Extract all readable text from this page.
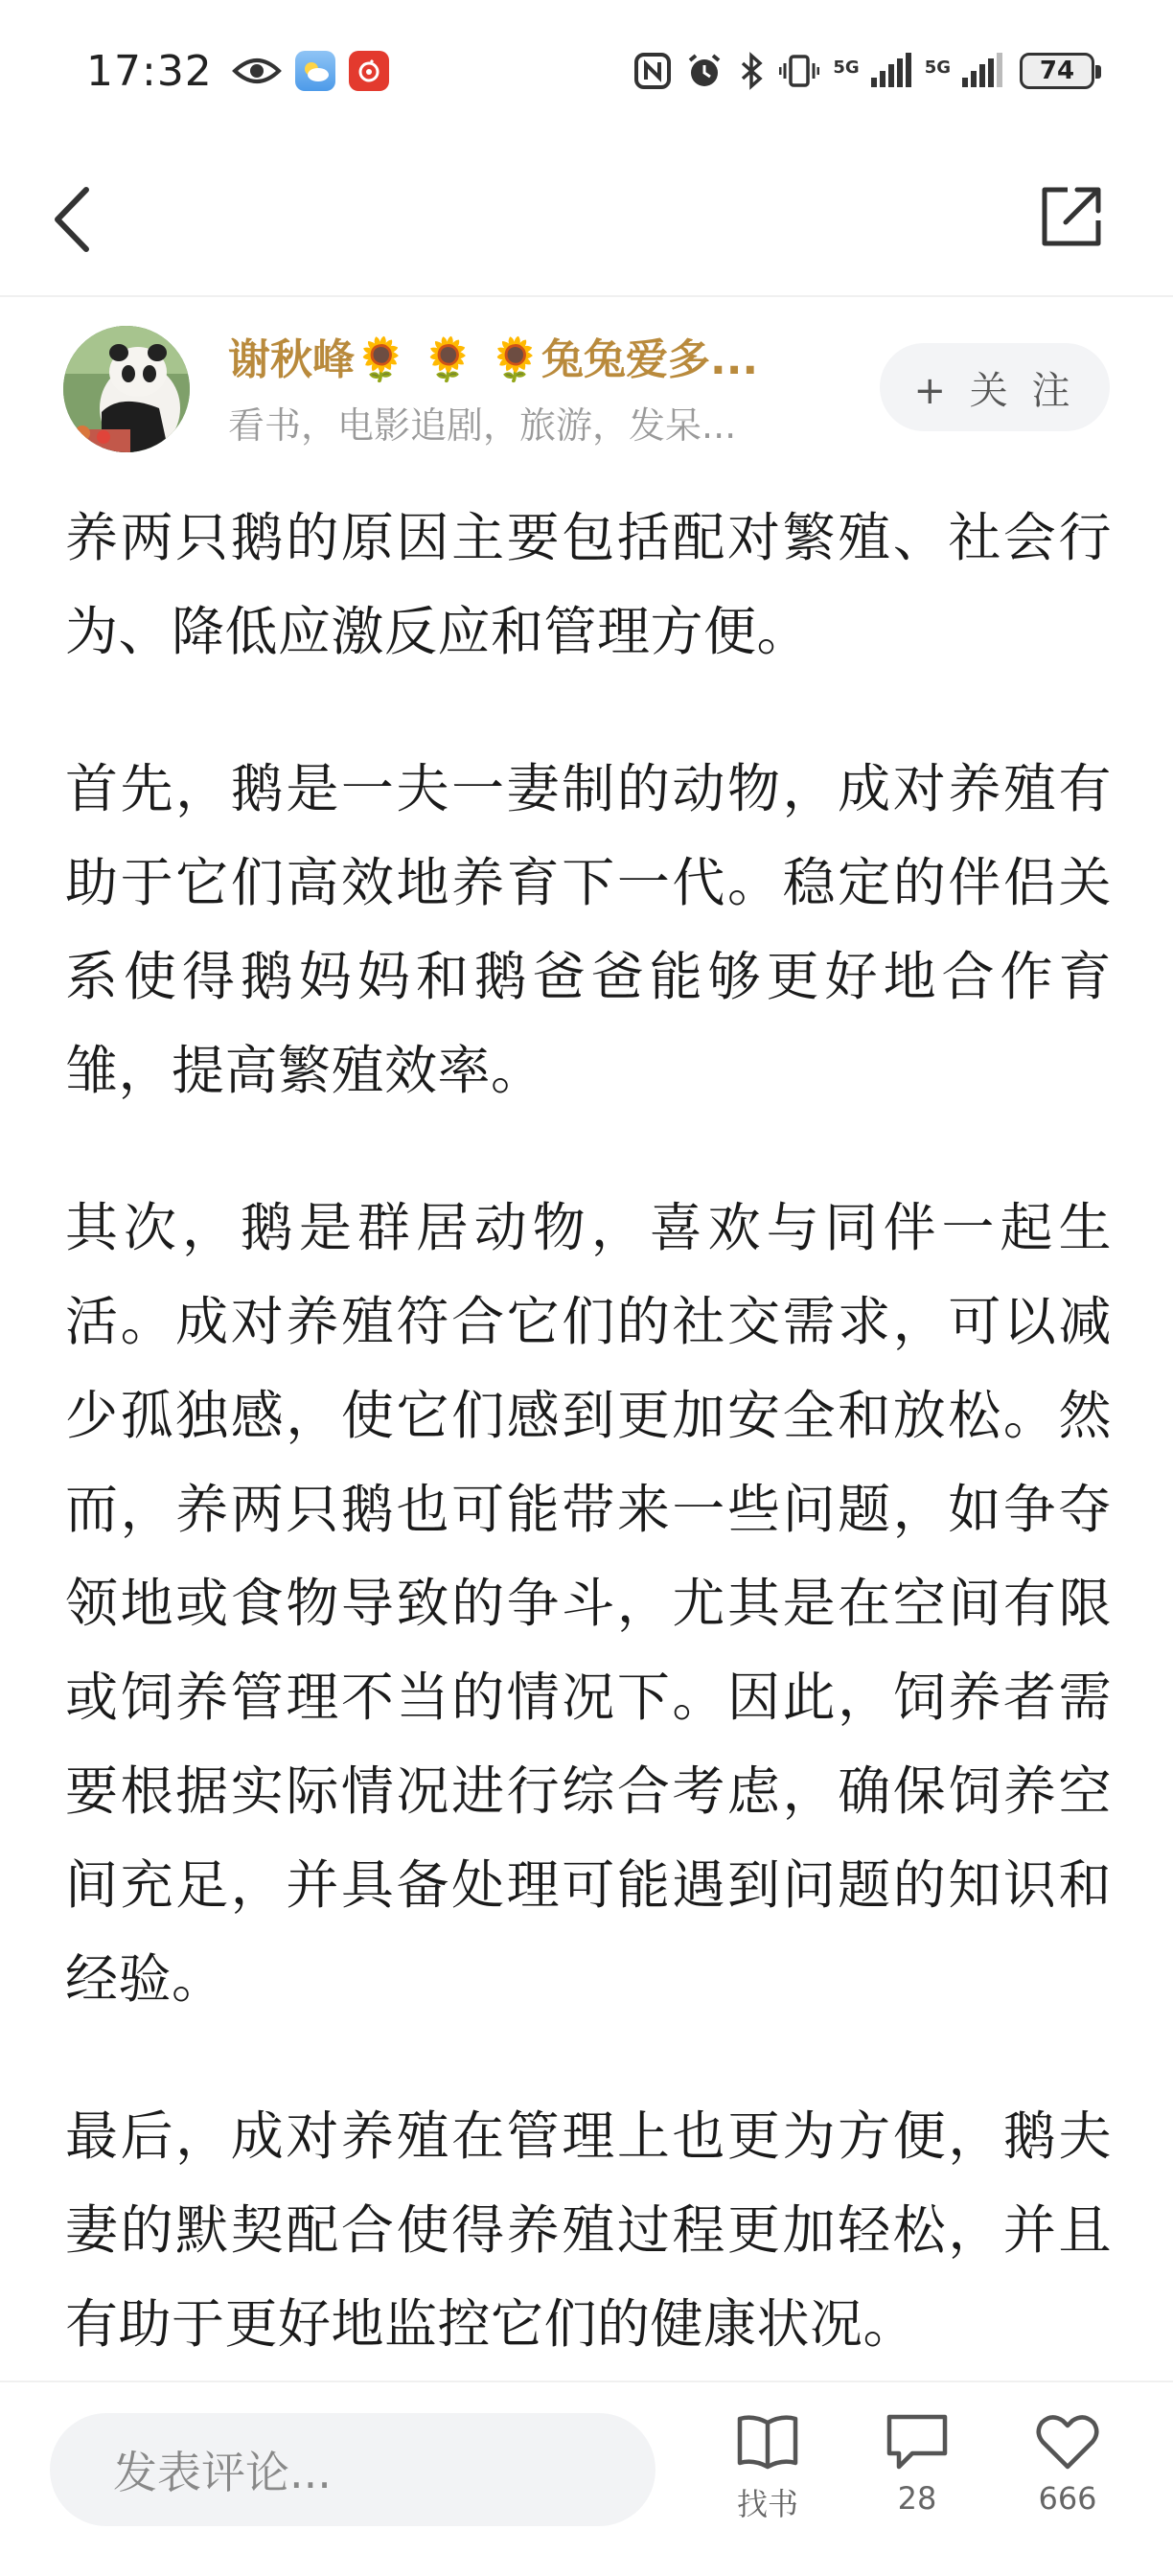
17:32	5G	5G	74
谢秋峰🌻 🌻 🌻兔兔爱多...
看书，电影追剧，旅游，发呆...
+ 关 注

养两只鹅的原因主要包括配对繁殖、社会行为、降低应激反应和管理方便。

首先，鹅是一夫一妻制的动物，成对养殖有助于它们高效地养育下一代。稳定的伴侣关系使得鹅妈妈和鹅爸爸能够更好地合作育雏，提高繁殖效率。

其次，鹅是群居动物，喜欢与同伴一起生活。成对养殖符合它们的社交需求，可以减少孤独感，使它们感到更加安全和放松。然而，养两只鹅也可能带来一些问题，如争夺领地或食物导致的争斗，尤其是在空间有限或饲养管理不当的情况下。因此，饲养者需要根据实际情况进行综合考虑，确保饲养空间充足，并具备处理可能遇到问题的知识和经验。

最后，成对养殖在管理上也更为方便，鹅夫妻的默契配合使得养殖过程更加轻松，并且有助于更好地监控它们的健康状况。

发表评论...
找书	28	666
